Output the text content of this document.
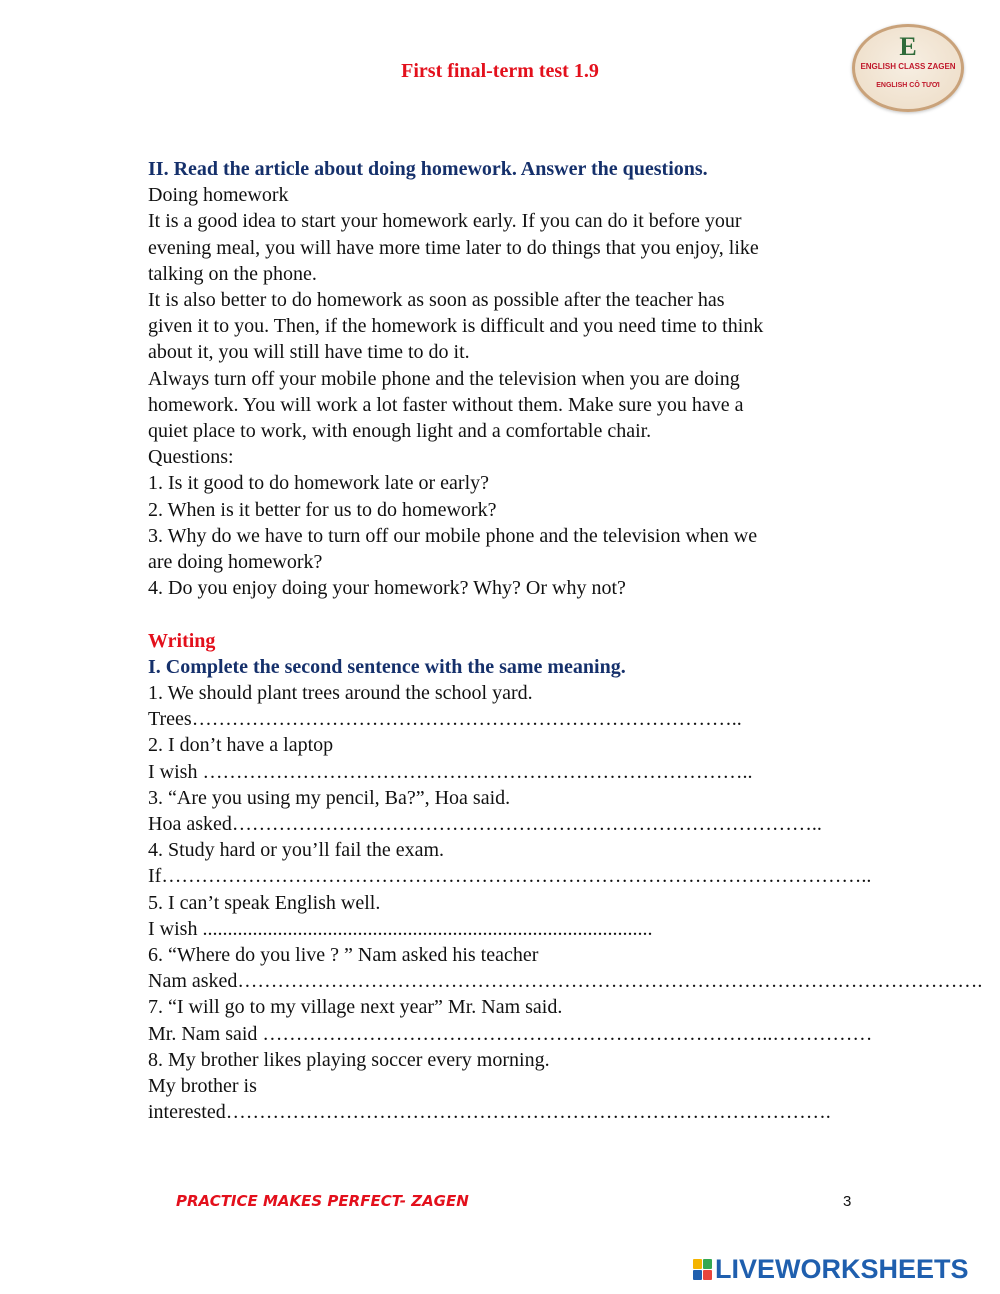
First final-term test 1.9
E
ENGLISH CLASS ZAGEN
ENGLISH CÔ TƯƠI
II. Read the article about doing homework. Answer the questions.
Doing homework
It is a good idea to start your homework early. If you can do it before your
evening meal, you will have more time later to do things that you enjoy, like
talking on the phone.
It is also better to do homework as soon as possible after the teacher has
given it to you. Then, if the homework is difficult and you need time to think
about it, you will still have time to do it.
Always turn off your mobile phone and the television when you are doing
homework. You will work a lot faster without them. Make sure you have a
quiet place to work, with enough light and a comfortable chair.
Questions:
1. Is it good to do homework late or early?
2. When is it better for us to do homework?
3. Why do we have to turn off our mobile phone and the television when we
are doing homework?
4. Do you enjoy doing your homework? Why? Or why not?
Writing
I. Complete the second sentence with the same meaning.
1. We should plant trees around the school yard.
Trees………………………………………………………………………..
2. I don’t have a laptop
I wish ………………………………………………………………………..
3. “Are you using my pencil, Ba?”, Hoa said.
Hoa asked……………………………………………………………………………..
4. Study hard or you’ll fail the exam.
If……………………………………………………………………………………………..
5. I can’t speak English well.
I wish ..........................................................................................
6. “Where do you live ? ” Nam asked his teacher
Nam asked………………………………………………………………………………………………….
7. “I will go to my village next year” Mr. Nam said.
Mr. Nam said …………………………………………………………………..……………
8. My brother likes playing soccer every morning.
My brother is
interested……………………………………………………………………………….
PRACTICE MAKES PERFECT- ZAGEN	3
LIVEWORKSHEETS
